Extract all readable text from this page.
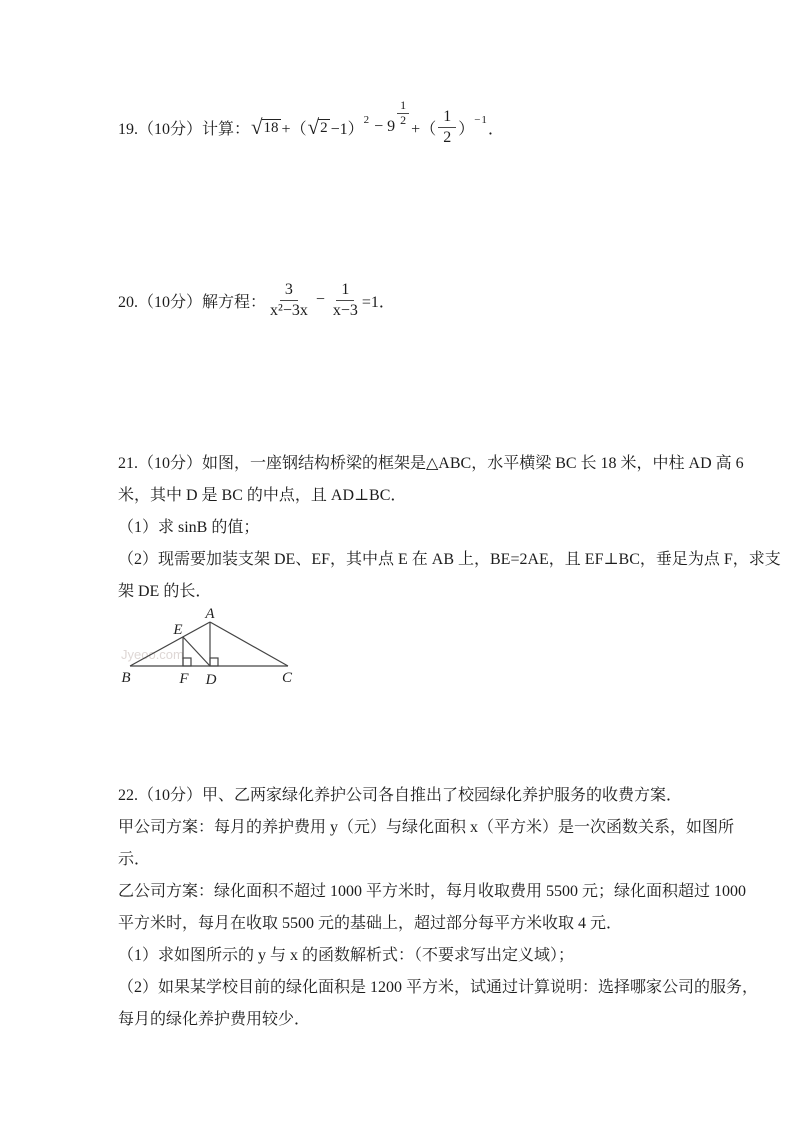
19.（10分）计算： √ 18 +（ √ 2 −1）
$2 - 9 \frac{1}{2}$
+（ $\frac{1}{2}$ ）
−1
．
20.（10分）解方程： $\frac{3}{\text{x²−3x}} - \frac{1}{x-3} =1$．
21.（10分）如图，一座钢结构桥梁的框架是△ABC，水平横梁 BC 长 18 米，中柱 AD 高 6
米，其中 D 是 BC 的中点，且 AD⊥BC．
（1）求 sinB 的值；
（2）现需要加装支架 DE、EF，其中点 E 在 AB 上，BE=2AE，且 EF⊥BC，垂足为点 F，求支
架 DE 的长．
Jyeoo.com
A
E
B	F D	C
22.（10分）甲、乙两家绿化养护公司各自推出了校园绿化养护服务的收费方案．
甲公司方案：每月的养护费用 y（元）与绿化面积 x（平方米）是一次函数关系，如图所
示．
乙公司方案：绿化面积不超过 1000 平方米时，每月收取费用 5500 元；绿化面积超过 1000
平方米时，每月在收取 5500 元的基础上，超过部分每平方米收取 4 元．
（1）求如图所示的 y 与 x 的函数解析式：（不要求写出定义域）；
（2）如果某学校目前的绿化面积是 1200 平方米，试通过计算说明：选择哪家公司的服务，
每月的绿化养护费用较少．
